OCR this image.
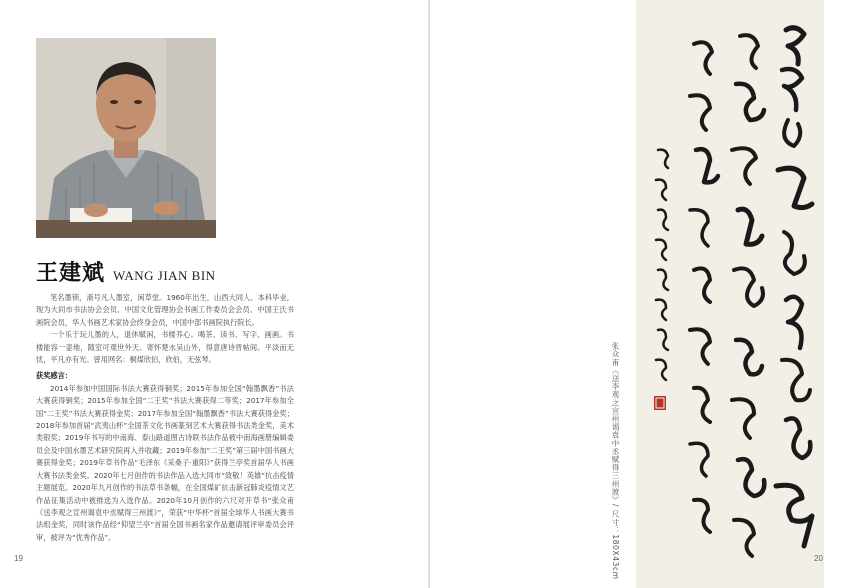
王建斌 WANG JIAN BIN

笔名墨锁，斋号凡人墨室，闲草堂。1960年出生，山西大同人。本科毕业，现为大同市书法协会会员、中国文化管理协会书画工作委员会会员、中国王氏书画院会员，华人书画艺术家协会终身会员，中国中部书画院执行院长。

一个乐于玩儿墨的人，退休赋闲，书楼养心。喝茶、读书、写字、画画。书楼能容一壶地，随室可观世外天。寄怀楚水吴山外，得意唐诗晋帖间。平淡而无忧，平凡亦有光。曾用网名：桐煤欣伯，欣伯，无弦琴。

获奖感言：

2014年参加中国国际书法大赛获得铜奖；2015年参加全国“翰墨飘香”书法大赛获得铜奖；2015年参加全国“二王奖”书法大赛获得二等奖；2017年参加全国“二王奖”书法大赛获得金奖；2017年参加全国“翰墨飘香”书法大赛获得金奖；2018年参加首届“武夷山杯”全国茶文化书画篆刻艺术大赛获得书法类金奖，美术类银奖；2019年书写的中南海、泰山路道图古诗联书法作品被中南海画册编辑委员会及中国水墨艺术研究院再入并收藏；2019年参加“二王奖”第三届中国书画大赛获得金奖；2019年草书作品“毛泽东《采桑子·重阳》”获得兰亭奖首届华人书画大赛书法类金奖。2020年七月创作的书法作品入选大同市“致敬！英雄”抗击疫情主题展览。2020年九月创作的书法草书条幅，在全国煤矿抗击新冠肺炎疫情文艺作品征集活动中被推选为入选作品。2020年10月创作的六尺对开草书“张众甫《送李观之宣州谒袁中丞赋得三州渡》”，荣获“中华杯”首届全球华人书画大赛书法组金奖，同时该作品经“仰望兰亭”首届全国书画名家作品邀请展评审委员会评审，被评为“优秀作品”。

19	张众甫《送李观之宣州谒袁中丞赋得三州渡》/ 尺寸：180X43cm	20
